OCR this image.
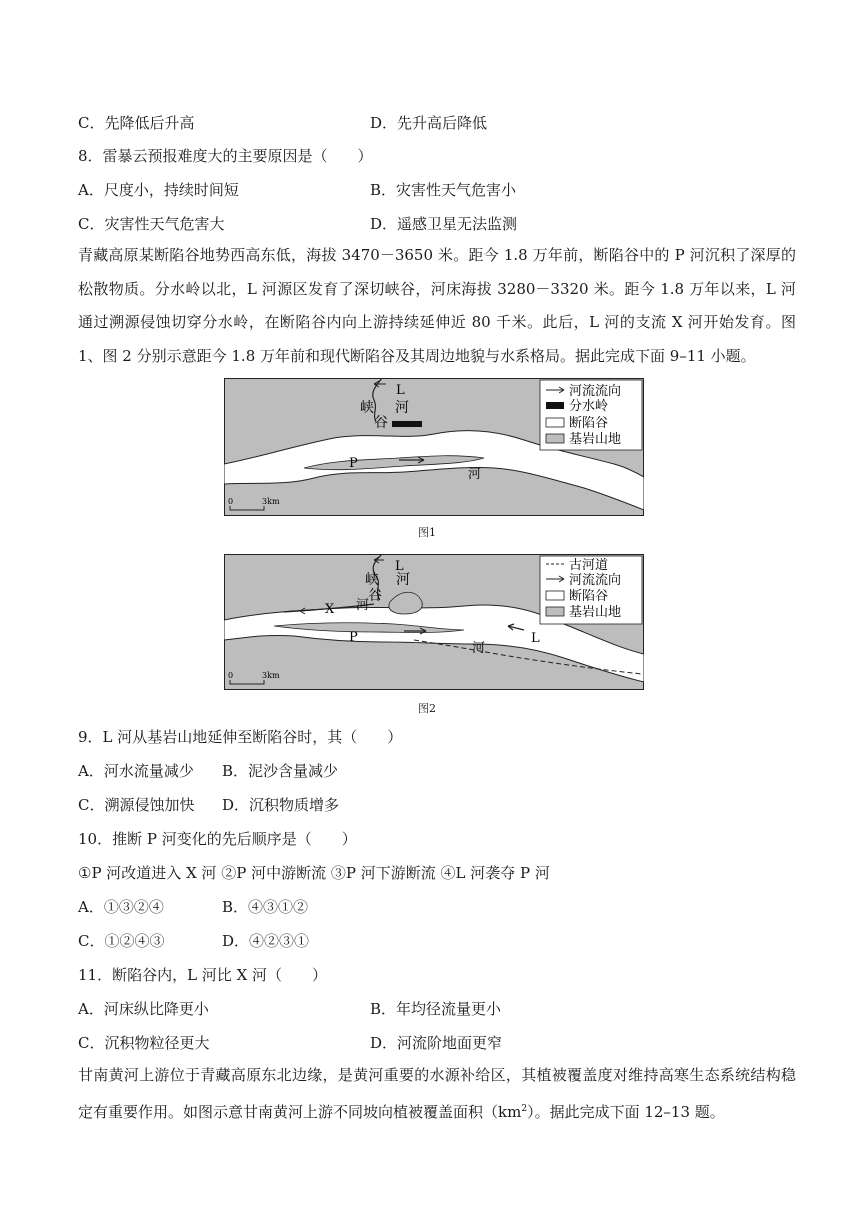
C．先降低后升高	D．先升高后降低
8．雷暴云预报难度大的主要原因是（　　）
A．尺度小，持续时间短	B．灾害性天气危害小
C．灾害性天气危害大	D．遥感卫星无法监测
青藏高原某断陷谷地势西高东低，海拔 3470－3650 米。距今 1.8 万年前，断陷谷中的 P 河沉积了深厚的松散物质。分水岭以北，L 河源区发育了深切峡谷，河床海拔 3280－3320 米。距今 1.8 万年以来，L 河通过溯源侵蚀切穿分水岭，在断陷谷内向上游持续延伸近 80 千米。此后，L 河的支流 X 河开始发育。图 1、图 2 分别示意距今 1.8 万年前和现代断陷谷及其周边地貌与水系格局。据此完成下面 9–11 小题。
L
峡
谷
河
P
河
河流流向
分水岭
断陷谷
基岩山地
0	3km
图1
L
峡
谷
河
X 河
P	L
河
古河道
河流流向
断陷谷
基岩山地
0	3km
图2
9．L 河从基岩山地延伸至断陷谷时，其（　　）
A．河水流量减少 B．泥沙含量减少
C．溯源侵蚀加快 D．沉积物质增多
10．推断 P 河变化的先后顺序是（　　）
①P 河改道进入 X 河 ②P 河中游断流 ③P 河下游断流 ④L 河袭夺 P 河
A．①③②④	B．④③①②
C．①②④③	D．④②③①
11．断陷谷内，L 河比 X 河（　　）
A．河床纵比降更小	B．年均径流量更小
C．沉积物粒径更大	D．河流阶地面更窄
甘南黄河上游位于青藏高原东北边缘，是黄河重要的水源补给区，其植被覆盖度对维持高寒生态系统结构稳定有重要作用。如图示意甘南黄河上游不同坡向植被覆盖面积$(km^2)$。据此完成下面 12–13 题。
